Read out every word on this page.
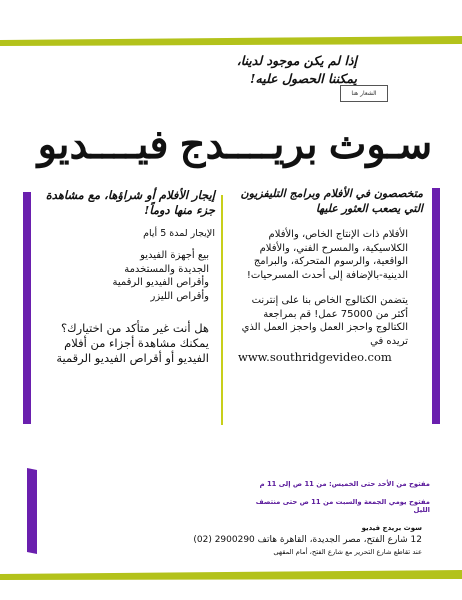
إذا لم يكن موجود لدينا،
يمكننا الحصول عليه!
الشعار هنا
سـوث بريــــدج فيــــديو
إيجار الأفلام أو شراؤها، مع مشاهدة جزء منها دوماً!
الإيجار لمدة 5 أيام
بيع أجهزة الفيديو
الجديدة والمستخدمة
وأقراص الفيديو الرقمية
وأقراص الليزر
هل أنت غير متأكد من اختيارك؟ يمكنك مشاهدة أجزاء من أفلام الفيديو أو أقراص الفيديو الرقمية
متخصصون في الأفلام وبرامج التليفزيون التي يصعب العثور عليها
الأفلام ذات الإنتاج الخاص، والأفلام الكلاسيكية، والمسرح الفني، والأفلام الواقعية، والرسوم المتحركة، والبرامج الدينية-بالإضافة إلى أحدث المسرحيات!
يتضمن الكتالوج الخاص بنا على إنترنت أكثر من 75000 عمل! قم بمراجعة الكتالوج واحجز العمل واحجز العمل الذي تريده في
www.southridgevideo.com
مفتوح من الأحد حتى الخميس: من 11 ص إلى 11 م
مفتوح يومي الجمعة والسبت من 11 ص حتى منتصف الليل
سوث بريدج فيديو
12 شارع الفتح، مصر الجديدة، القاهرة هاتف 2900290 (02)
عند تقاطع شارع التحرير مع شارع الفتح، أمام المقهى
